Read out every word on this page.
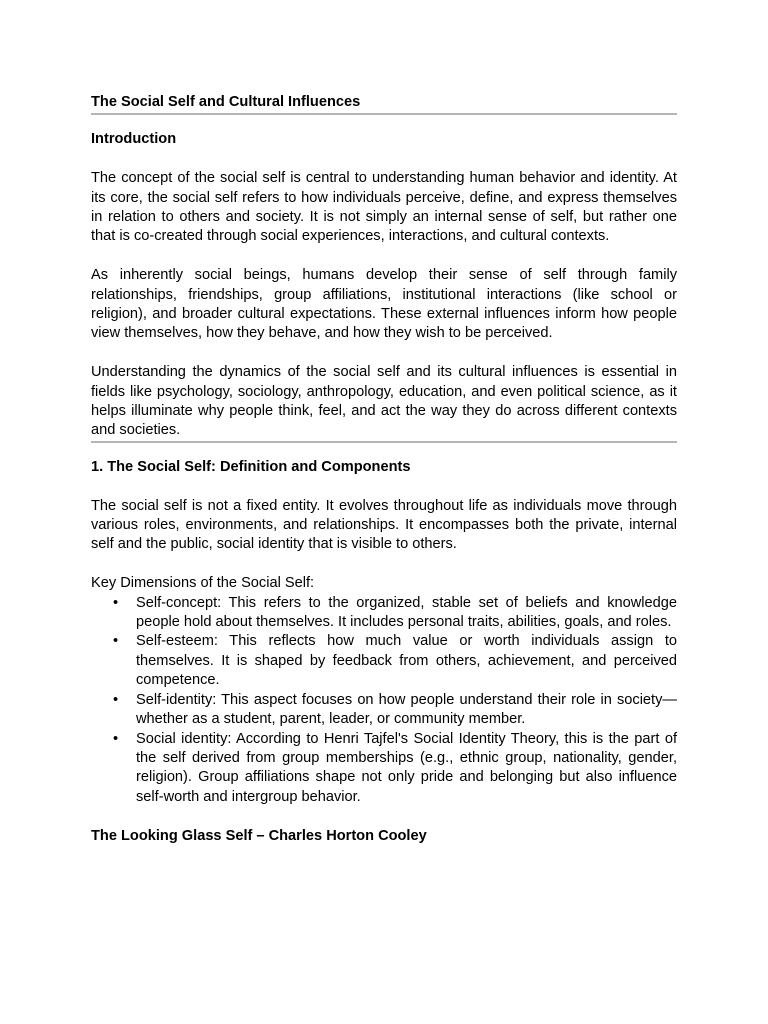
The Social Self and Cultural Influences
Introduction

The concept of the social self is central to understanding human behavior and identity. At its core, the social self refers to how individuals perceive, define, and express themselves in relation to others and society. It is not simply an internal sense of self, but rather one that is co-created through social experiences, interactions, and cultural contexts.

As inherently social beings, humans develop their sense of self through family relationships, friendships, group affiliations, institutional interactions (like school or religion), and broader cultural expectations. These external influences inform how people view themselves, how they behave, and how they wish to be perceived.

Understanding the dynamics of the social self and its cultural influences is essential in fields like psychology, sociology, anthropology, education, and even political science, as it helps illuminate why people think, feel, and act the way they do across different contexts and societies.

1. The Social Self: Definition and Components

The social self is not a fixed entity. It evolves throughout life as individuals move through various roles, environments, and relationships. It encompasses both the private, internal self and the public, social identity that is visible to others.

Key Dimensions of the Social Self:

• Self-concept: This refers to the organized, stable set of beliefs and knowledge people hold about themselves. It includes personal traits, abilities, goals, and roles.
• Self-esteem: This reflects how much value or worth individuals assign to themselves. It is shaped by feedback from others, achievement, and perceived competence.
• Self-identity: This aspect focuses on how people understand their role in society—whether as a student, parent, leader, or community member.
• Social identity: According to Henri Tajfel's Social Identity Theory, this is the part of the self derived from group memberships (e.g., ethnic group, nationality, gender, religion). Group affiliations shape not only pride and belonging but also influence self-worth and intergroup behavior.
The Looking Glass Self – Charles Horton Cooley
